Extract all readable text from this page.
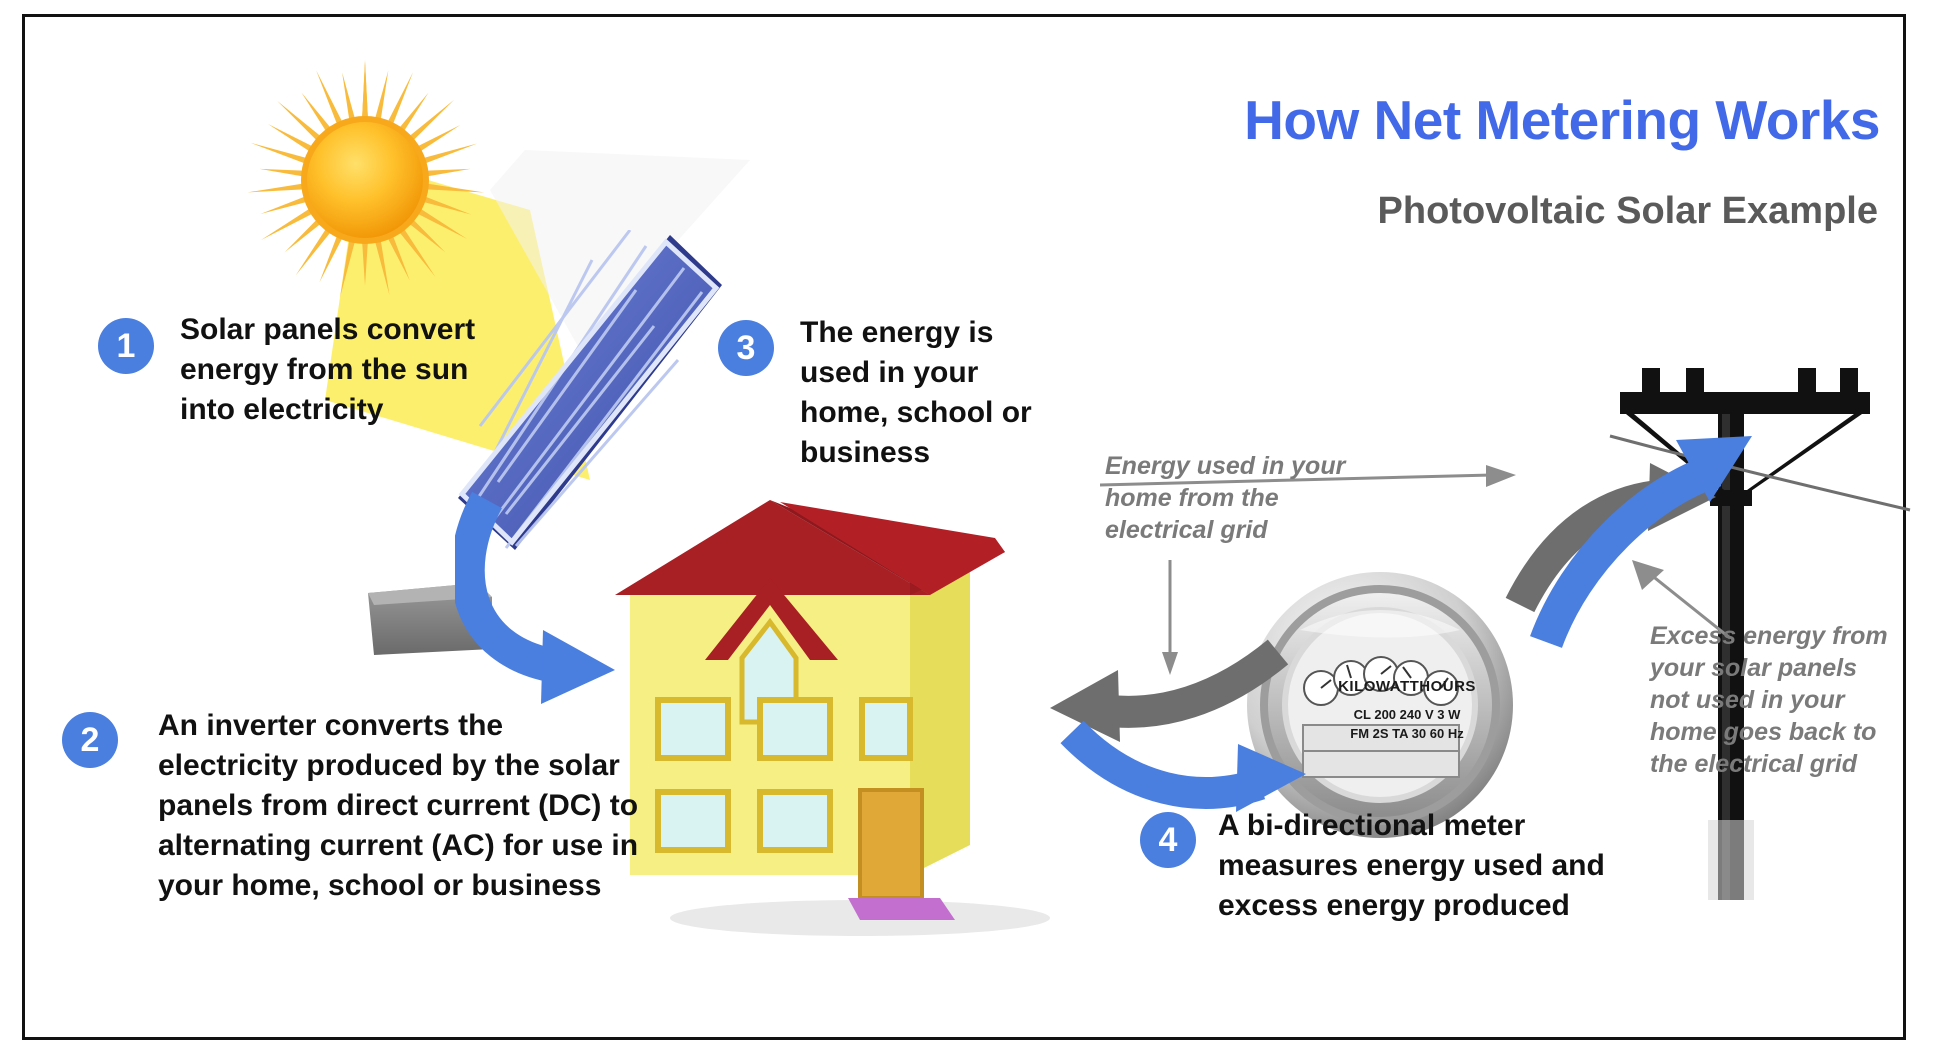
KILOWATTHOURS
CL 200 240 V 3 W
FM 2S TA 30 60 Hz
How Net Metering Works
Photovoltaic Solar Example
1	Solar panels convert energy from the sun into electricity
2	An inverter converts the electricity produced by the solar panels from direct current (DC) to alternating current (AC) for use in your home, school or business
3	The energy is used in your home, school or business
4	A bi-directional meter measures energy used and excess energy produced
Energy used in your home from the electrical grid
Excess energy from your solar panels not used in your home goes back to the electrical grid
